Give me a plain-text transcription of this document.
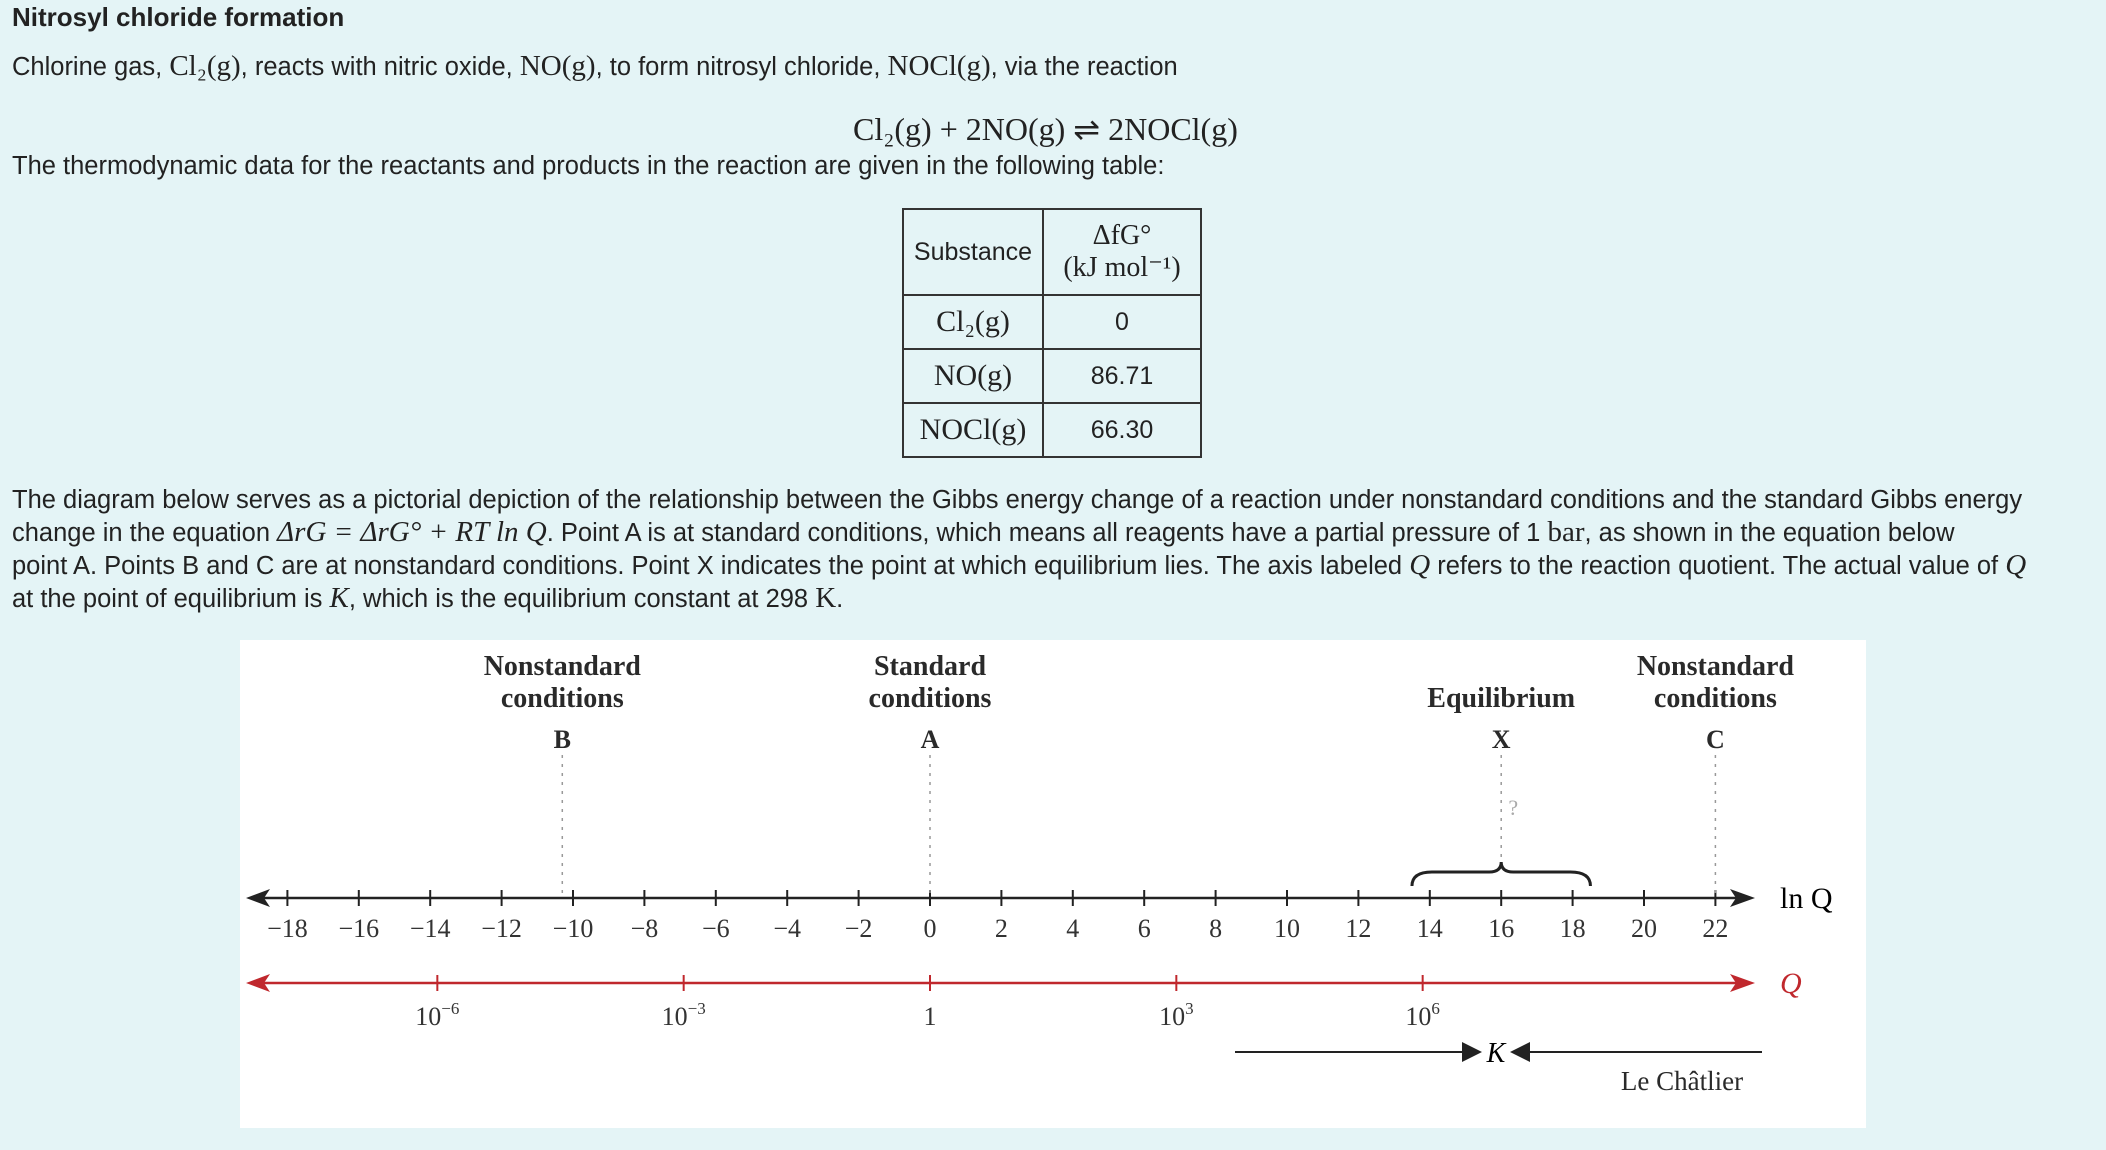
Nitrosyl chloride formation
Chlorine gas, Cl₂(g), reacts with nitric oxide, NO(g), to form nitrosyl chloride, NOCl(g), via the reaction
Cl₂(g) + 2NO(g) ⇌ 2NOCl(g)
The thermodynamic data for the reactants and products in the reaction are given in the following table:
Substance	ΔfG°
(kJ mol⁻¹)

Cl₂(g)	0
NO(g)	86.71
NOCl(g)	66.30
The diagram below serves as a pictorial depiction of the relationship between the Gibbs energy change of a reaction under nonstandard conditions and the standard Gibbs energy
change in the equation ΔrG = ΔrG° + RT ln Q. Point A is at standard conditions, which means all reagents have a partial pressure of 1 bar, as shown in the equation below
point A. Points B and C are at nonstandard conditions. Point X indicates the point at which equilibrium lies. The axis labeled Q refers to the reaction quotient. The actual value of Q
at the point of equilibrium is K, which is the equilibrium constant at 298 K.
ln Q
−18 −16 −14 −12 −10 −8 −6 −4 −2 0 2 4 6 8 10 12 14 16 18 20 22
Q
$10^{-6}$	$10^{-3}$	1	$10^3$	$10^6$
Nonstandard
conditions
B
Standard
conditions
A
Equilibrium
X
Nonstandard
conditions
C
?
K
Le Châtlier
